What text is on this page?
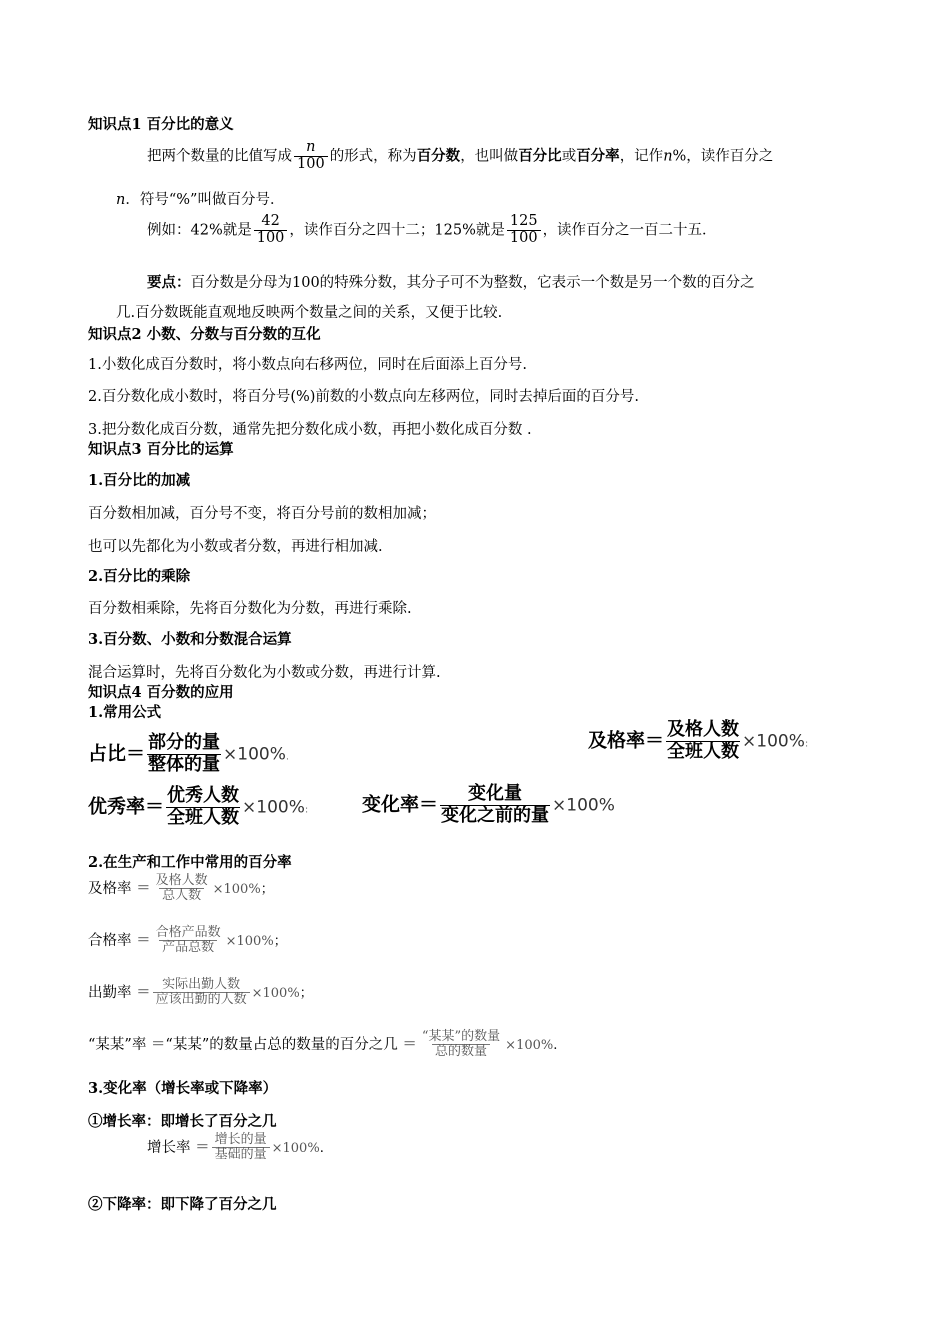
知识点1 百分比的意义
把两个数量的比值写成 $\frac{n}{100}$ 的形式，称为百分数，也叫做百分比或百分率，记作n%，读作百分之
n．符号“%”叫做百分号．
例如：42%就是 $\frac{42}{100}$ ，读作百分之四十二；125%就是 $\frac{125}{100}$ ，读作百分之一百二十五．
要点：百分数是分母为100的特殊分数，其分子可不为整数，它表示一个数是另一个数的百分之
几.百分数既能直观地反映两个数量之间的关系，又便于比较.
知识点2 小数、分数与百分数的互化
1.小数化成百分数时，将小数点向右移两位，同时在后面添上百分号.
2.百分数化成小数时，将百分号(%)前数的小数点向左移两位，同时去掉后面的百分号.
3.把分数化成百分数，通常先把分数化成小数，再把小数化成百分数 .
知识点3 百分比的运算
1.百分比的加减
百分数相加减，百分号不变，将百分号前的数相加减；
也可以先都化为小数或者分数，再进行相加减.
2.百分比的乘除
百分数相乘除，先将百分数化为分数，再进行乘除.
3.百分数、小数和分数混合运算
混合运算时，先将百分数化为小数或分数，再进行计算.
知识点4 百分数的应用
1.常用公式
占比＝ $\frac{\text{部分的量}}{\text{整体的量}} \times 100\%$.
及格率＝ $\frac{\text{及格人数}}{\text{全班人数}} \times 100\%$:
优秀率＝ $\frac{\text{优秀人数}}{\text{全班人数}} \times 100\%$:	变化率＝ $\frac{\text{变化量}}{\text{变化之前的量}} \times 100\%$
2.在生产和工作中常用的百分率
及格率 ＝ $\frac{\text{及格人数}}{\text{总人数}} \times 100\%$；
合格率 ＝ $\frac{\text{合格产品数}}{\text{产品总数}} \times 100\%$；
出勤率 ＝ $\frac{\text{实际出勤人数}}{\text{应该出勤的人数}} \times 100\%$；
“某某”率 ＝“某某”的数量占总的数量的百分之几 ＝ $\frac{\text{“某某”的数量}}{\text{总的数量}} \times 100\%$.
3.变化率（增长率或下降率）
①增长率：即增长了百分之几
增长率 ＝ $\frac{\text{增长的量}}{\text{基础的量}} \times 100\%$.
②下降率：即下降了百分之几
